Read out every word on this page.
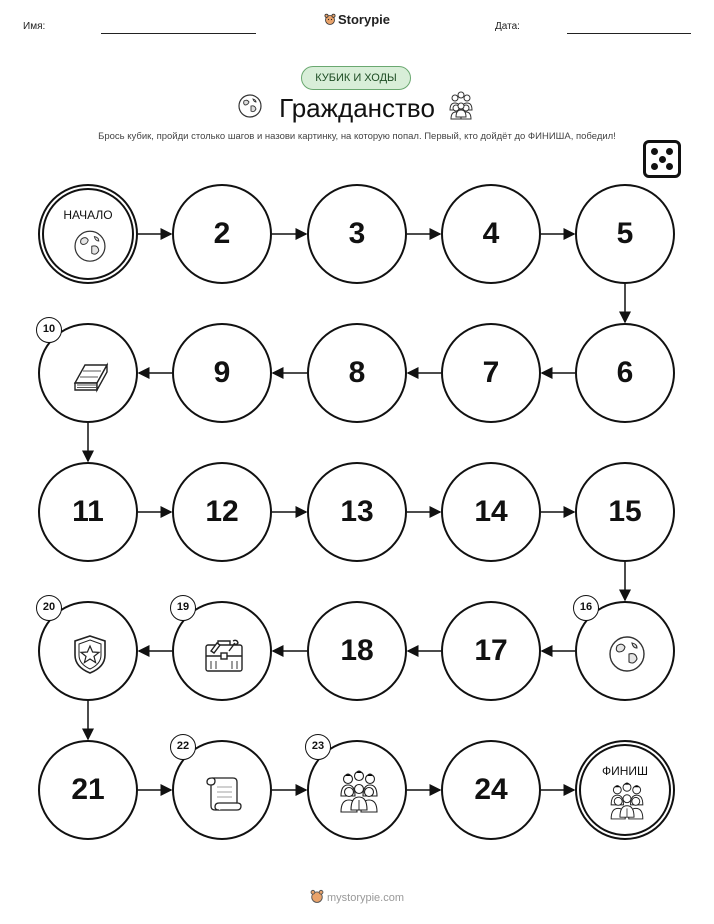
Имя:	Storypie	Дата:
КУБИК И ХОДЫ
Гражданство
Брось кубик, пройди столько шагов и назови картинку, на которую попал. Первый, кто дойдёт до ФИНИША, победил!
НАЧАЛО
2	3	4	5
6
7
8
9
10
11	12	13	14	15
16
17
18
19
20
21
22	23
24
ФИНИШ
mystorypie.com
